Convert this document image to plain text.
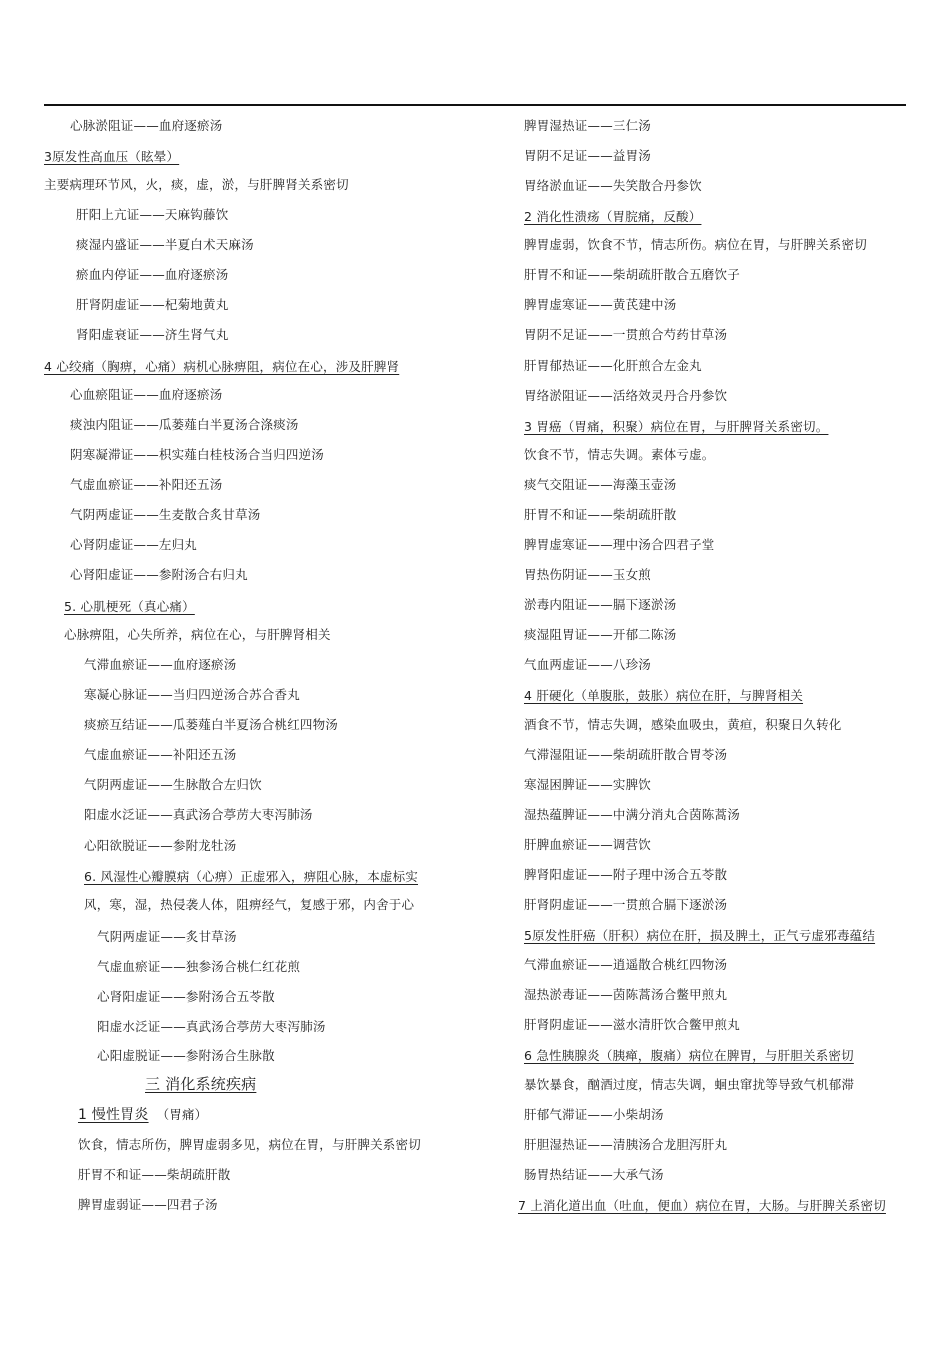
心脉淤阻证——血府逐瘀汤
3原发性高血压（眩晕）
主要病理环节风，火，痰，虚，淤，与肝脾肾关系密切
肝阳上亢证——天麻钩藤饮
痰湿内盛证——半夏白术天麻汤
瘀血内停证——血府逐瘀汤
肝肾阴虚证——杞菊地黄丸
肾阳虚衰证——济生肾气丸
4 心绞痛（胸痹，心痛）病机心脉痹阻，病位在心，涉及肝脾肾
心血瘀阻证——血府逐瘀汤
痰浊内阻证——瓜蒌薤白半夏汤合涤痰汤
阴寒凝滞证——枳实薤白桂枝汤合当归四逆汤
气虚血瘀证——补阳还五汤
气阴两虚证——生麦散合炙甘草汤
心肾阴虚证——左归丸
心肾阳虚证——参附汤合右归丸
5. 心肌梗死（真心痛）
心脉痹阻，心失所养，病位在心，与肝脾肾相关
气滞血瘀证——血府逐瘀汤
寒凝心脉证——当归四逆汤合苏合香丸
痰瘀互结证——瓜蒌薤白半夏汤合桃红四物汤
气虚血瘀证——补阳还五汤
气阴两虚证——生脉散合左归饮
阳虚水泛证——真武汤合葶苈大枣泻肺汤
心阳欲脱证——参附龙牡汤
6. 风湿性心瓣膜病（心痹）正虚邪入，痹阻心脉，本虚标实
风，寒，湿，热侵袭人体，阻痹经气，复感于邪，内舍于心
气阴两虚证——炙甘草汤
气虚血瘀证——独参汤合桃仁红花煎
心肾阳虚证——参附汤合五苓散
阳虚水泛证——真武汤合葶苈大枣泻肺汤
心阳虚脱证——参附汤合生脉散
三 消化系统疾病
1 慢性胃炎 （胃痛）
饮食，情志所伤，脾胃虚弱多见，病位在胃，与肝脾关系密切
肝胃不和证——柴胡疏肝散
脾胃虚弱证——四君子汤
脾胃湿热证——三仁汤
胃阴不足证——益胃汤
胃络淤血证——失笑散合丹参饮
2 消化性溃疡（胃脘痛，反酸）
脾胃虚弱，饮食不节，情志所伤。病位在胃，与肝脾关系密切
肝胃不和证——柴胡疏肝散合五磨饮子
脾胃虚寒证——黄芪建中汤
胃阴不足证——一贯煎合芍药甘草汤
肝胃郁热证——化肝煎合左金丸
胃络淤阻证——活络效灵丹合丹参饮
3 胃癌（胃痛，积聚）病位在胃，与肝脾肾关系密切。
饮食不节，情志失调。素体亏虚。
痰气交阻证——海藻玉壶汤
肝胃不和证——柴胡疏肝散
脾胃虚寒证——理中汤合四君子堂
胃热伤阴证——玉女煎
淤毒内阻证——膈下逐淤汤
痰湿阻胃证——开郁二陈汤
气血两虚证——八珍汤
4 肝硬化（单腹胀，鼓胀）病位在肝，与脾肾相关
酒食不节，情志失调，感染血吸虫，黄疸，积聚日久转化
气滞湿阻证——柴胡疏肝散合胃苓汤
寒湿困脾证——实脾饮
湿热蕴脾证——中满分消丸合茵陈蒿汤
肝脾血瘀证——调营饮
脾肾阳虚证——附子理中汤合五苓散
肝肾阴虚证——一贯煎合膈下逐淤汤
5原发性肝癌（肝积）病位在肝，损及脾土，正气亏虚邪毒蕴结
气滞血瘀证——逍遥散合桃红四物汤
湿热淤毒证——茵陈蒿汤合鳖甲煎丸
肝肾阴虚证——滋水清肝饮合鳖甲煎丸
6 急性胰腺炎（胰瘅，腹痛）病位在脾胃，与肝胆关系密切
暴饮暴食，酗酒过度，情志失调，蛔虫窜扰等导致气机郁滞
肝郁气滞证——小柴胡汤
肝胆湿热证——清胰汤合龙胆泻肝丸
肠胃热结证——大承气汤
7 上消化道出血（吐血，便血）病位在胃，大肠。与肝脾关系密切
